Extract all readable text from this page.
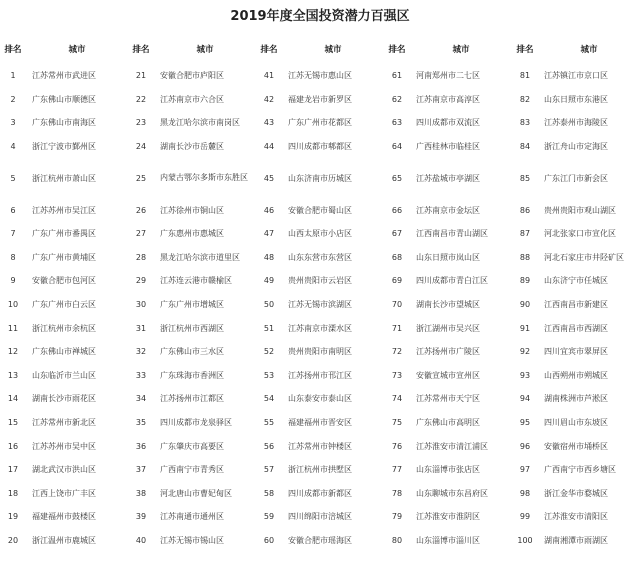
2019年度全国投资潜力百强区
排名	城市	排名	城市	排名	城市	排名	城市	排名	城市
1	江苏常州市武进区	21	安徽合肥市庐阳区	41	江苏无锡市惠山区	61	河南郑州市二七区	81	江苏镇江市京口区
2	广东佛山市顺德区	22	江苏南京市六合区	42	福建龙岩市新罗区	62	江苏南京市高淳区	82	山东日照市东港区
3	广东佛山市南海区	23	黑龙江哈尔滨市南岗区	43	广东广州市花都区	63	四川成都市双流区	83	江苏泰州市海陵区
4	浙江宁波市鄞州区	24	湖南长沙市岳麓区	44	四川成都市郫都区	64	广西桂林市临桂区	84	浙江舟山市定海区
5	浙江杭州市萧山区	25	内蒙古鄂尔多斯市东胜区	45	山东济南市历城区	65	江苏盐城市亭湖区	85	广东江门市新会区
6	江苏苏州市吴江区	26	江苏徐州市铜山区	46	安徽合肥市蜀山区	66	江苏南京市金坛区	86	贵州贵阳市观山湖区
7	广东广州市番禺区	27	广东惠州市惠城区	47	山西太原市小店区	67	江西南昌市青山湖区	87	河北张家口市宣化区
8	广东广州市黄埔区	28	黑龙江哈尔滨市道里区	48	山东东营市东营区	68	山东日照市岚山区	88	河北石家庄市井陉矿区
9	安徽合肥市包河区	29	江苏连云港市赣榆区	49	贵州贵阳市云岩区	69	四川成都市青白江区	89	山东济宁市任城区
10	广东广州市白云区	30	广东广州市增城区	50	江苏无锡市滨湖区	70	湖南长沙市望城区	90	江西南昌市新建区
11	浙江杭州市余杭区	31	浙江杭州市西湖区	51	江苏南京市溧水区	71	浙江湖州市吴兴区	91	江西南昌市西湖区
12	广东佛山市禅城区	32	广东佛山市三水区	52	贵州贵阳市南明区	72	江苏扬州市广陵区	92	四川宜宾市翠屏区
13	山东临沂市兰山区	33	广东珠海市香洲区	53	江苏扬州市邗江区	73	安徽宣城市宣州区	93	山西朔州市朔城区
14	湖南长沙市雨花区	34	江苏扬州市江都区	54	山东泰安市泰山区	74	江苏常州市天宁区	94	湖南株洲市芦淞区
15	江苏常州市新北区	35	四川成都市龙泉驿区	55	福建福州市晋安区	75	广东佛山市高明区	95	四川眉山市东坡区
16	江苏苏州市吴中区	36	广东肇庆市高要区	56	江苏常州市钟楼区	76	江苏淮安市清江浦区	96	安徽宿州市埇桥区
17	湖北武汉市洪山区	37	广西南宁市青秀区	57	浙江杭州市拱墅区	77	山东淄博市张店区	97	广西南宁市西乡塘区
18	江西上饶市广丰区	38	河北唐山市曹妃甸区	58	四川成都市新都区	78	山东聊城市东昌府区	98	浙江金华市婺城区
19	福建福州市鼓楼区	39	江苏南通市通州区	59	四川绵阳市涪城区	79	江苏淮安市淮阴区	99	江苏淮安市清阳区
20	浙江温州市鹿城区	40	江苏无锡市锡山区	60	安徽合肥市瑶海区	80	山东淄博市淄川区	100	湖南湘潭市雨湖区
